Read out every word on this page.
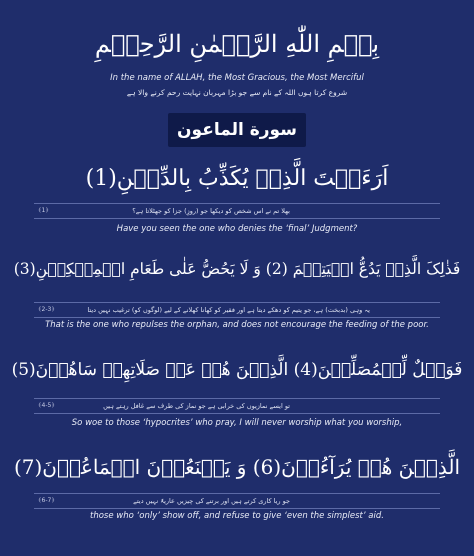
بِسۡمِ اللّٰهِ الرَّحۡمٰنِ الرَّحِیۡمِ
In the name of ALLAH, the Most Gracious, the Most Merciful
شروع کرتا ہوں اللہ کے نام سے جو بڑا مہربان نہایت رحم کرنے والا ہے
سورة الماعون
اَرَءَیۡتَ الَّذِیۡ یُکَذِّبُ بِالدِّیۡنِ(1)
بھلا تم نے اس شخص کو دیکھا جو (روزِ) جزا کو جھٹلاتا ہے؟
﴿1﴾
Have you seen the one who denies the ‘final’ Judgment?
فَذٰلِکَ الَّذِیۡ یَدُعُّ الۡیَتِیۡمَ (2) وَ لَا یَحُضُّ عَلٰی طَعَامِ الۡمِسۡکِیۡنِ(3)
یہ وہی (بدبخت) ہے، جو یتیم کو دھکے دیتا ہے اور فقیر کو کھانا کھلانے کے لیے (لوگوں کو) ترغیب نہیں دیتا
﴿2-3﴾
That is the one who repulses the orphan, and does not encourage the feeding of the poor.
فَوَیۡلٌ لِّلۡمُصَلِّیۡنَ(4) الَّذِیۡنَ هُمۡ عَنۡ صَلَاتِهِمۡ سَاهُوۡنَ(5)
تو ایسے نمازیوں کی خرابی ہے جو نماز کی طرف سے غافل رہتے ہیں
﴿4-5﴾
So woe to those ‘hypocrites’ who pray, I will never worship what you worship,
الَّذِیۡنَ هُمۡ یُرَآءُوۡنَ(6) وَ یَمۡنَعُوۡنَ الۡمَاعُوۡنَ(7)
جو ریا کاری کرتے ہیں اور برتنے کی چیزیں عاریۃً نہیں دیتے
﴿6-7﴾
those who ‘only’ show off, and refuse to give ‘even the simplest’ aid.
